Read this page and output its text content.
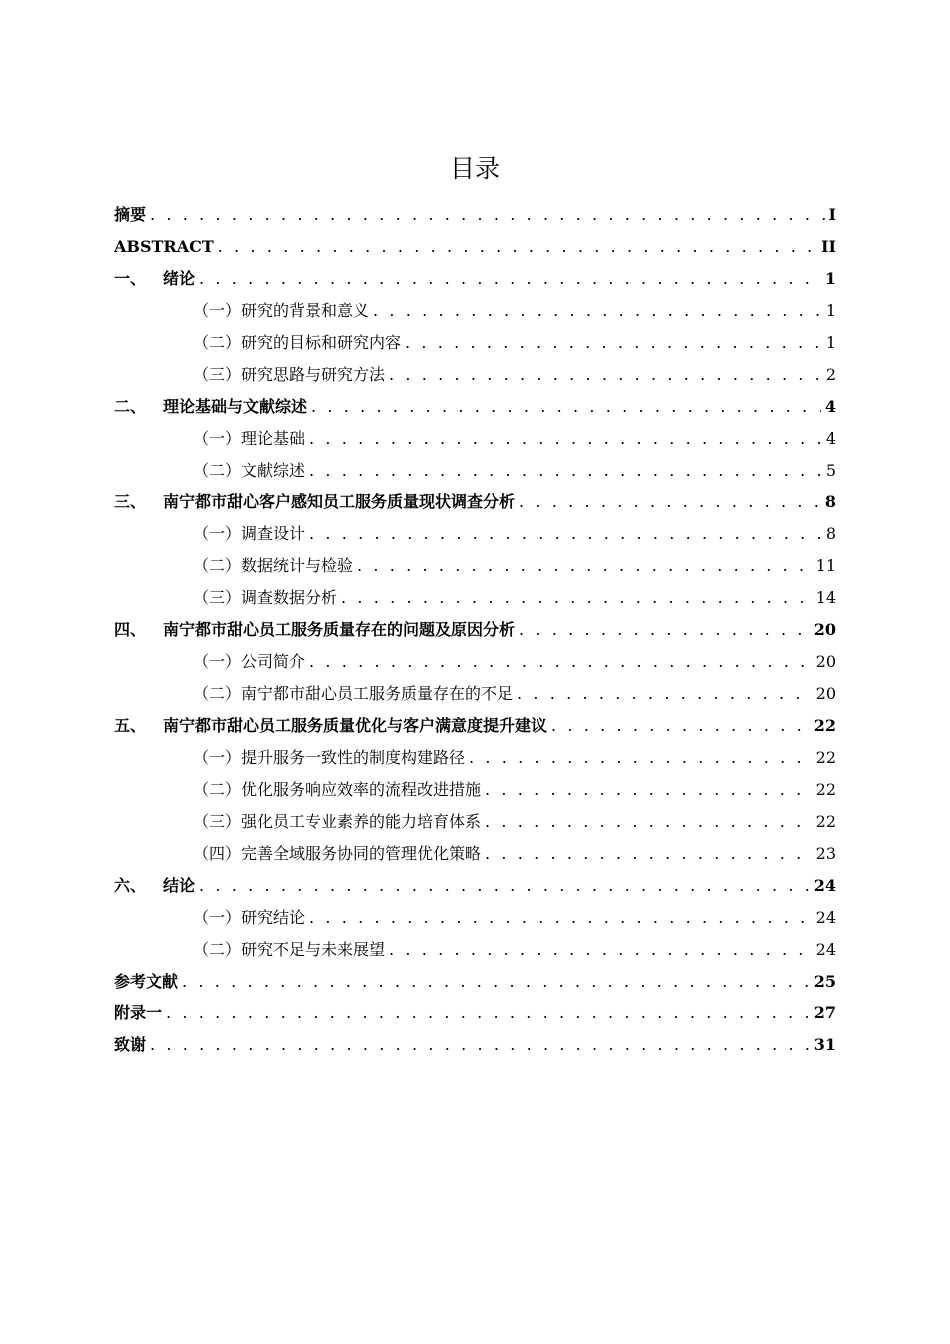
目录
摘要 . . .	I
ABSTRACT . . .	II
一、	绪论 . . .	1
（一）研究的背景和意义 . . .	1
（二）研究的目标和研究内容 . . .	1
（三）研究思路与研究方法 . . .	2
二、	理论基础与文献综述 . . .	4
（一）理论基础 . . .	4
（二）文献综述 . . .	5
三、	南宁都市甜心客户感知员工服务质量现状调查分析 . . .	8
（一）调查设计 . . .	8
（二）数据统计与检验 . . .	11
（三）调查数据分析 . . .	14
四、	南宁都市甜心员工服务质量存在的问题及原因分析 . . .	20
（一）公司简介 . . .	20
（二）南宁都市甜心员工服务质量存在的不足 . . .	20
五、	南宁都市甜心员工服务质量优化与客户满意度提升建议 . . .	22
（一）提升服务一致性的制度构建路径 . . .	22
（二）优化服务响应效率的流程改进措施 . . .	22
（三）强化员工专业素养的能力培育体系 . . .	22
（四）完善全域服务协同的管理优化策略 . . .	23
六、	结论 . . .	24
（一）研究结论 . . .	24
（二）研究不足与未来展望 . . .	24
参考文献 . . .	25
附录一 . . .	27
致谢 . . .	31
